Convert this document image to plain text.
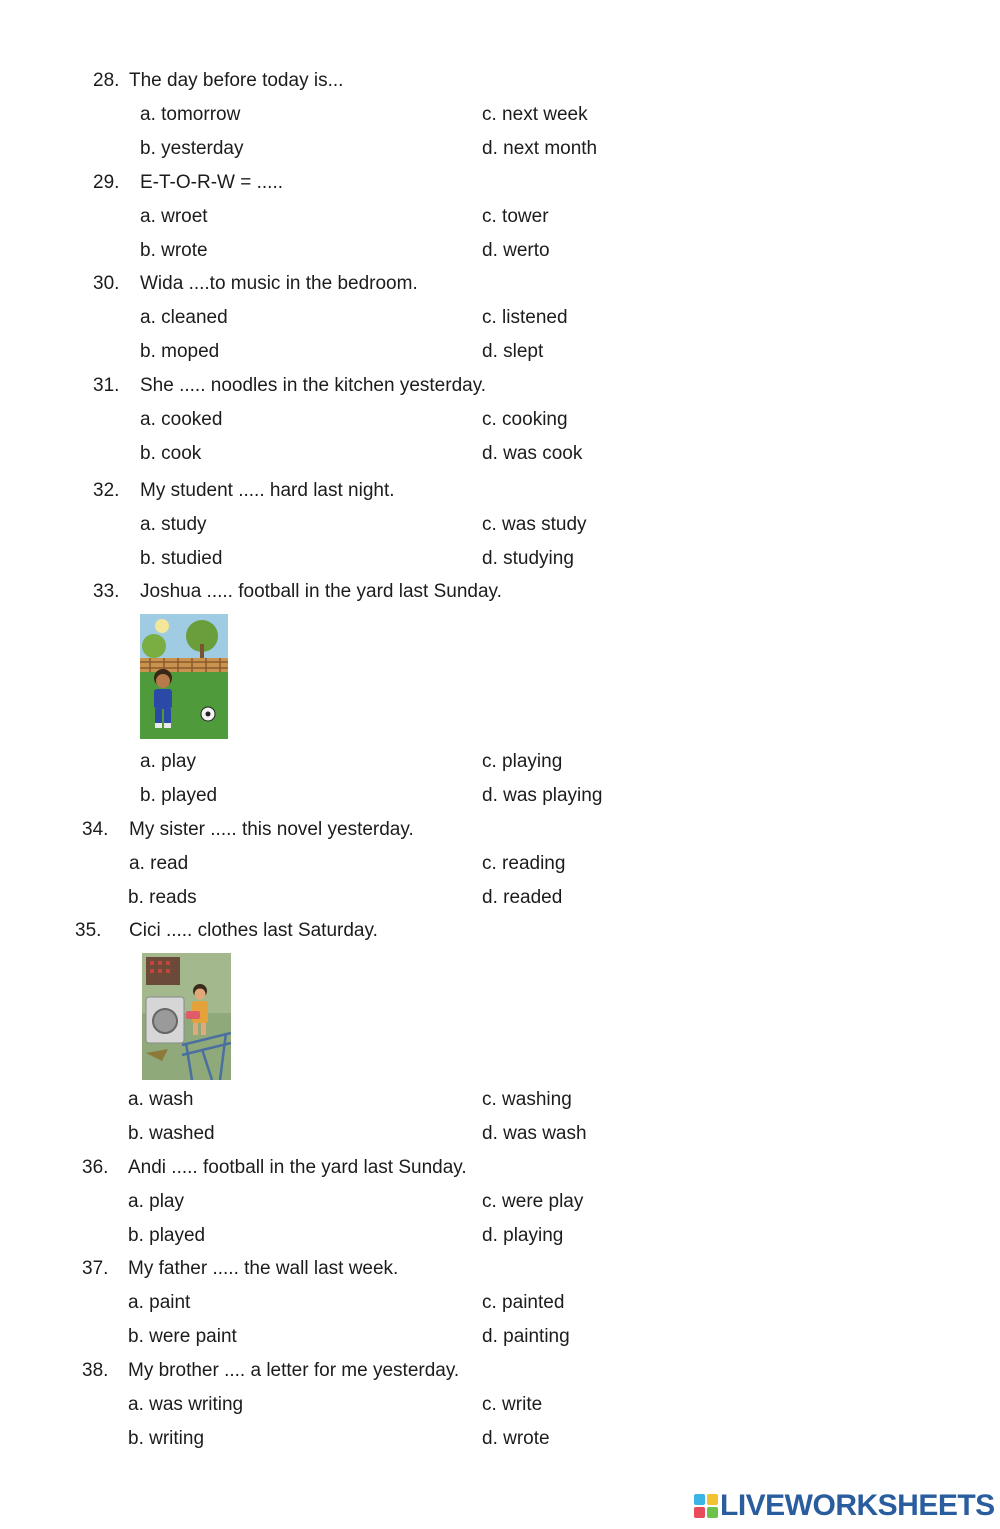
28. The day before today is...
a. tomorrow	c. next week
b. yesterday	d. next month
29. E-T-O-R-W = .....
a. wroet	c. tower
b. wrote	d. werto
30. Wida ....to music in the bedroom.
a. cleaned	c. listened
b. moped	d. slept
31. She ..... noodles in the kitchen yesterday.
a. cooked	c. cooking
b. cook	d. was cook
32. My student ..... hard last night.
a. study	c. was study
b. studied	d. studying
33. Joshua ..... football in the yard last Sunday.
a. play	c. playing
b. played	d. was playing
34. My sister ..... this novel yesterday.
a. read	c. reading
b. reads	d. readed
35. Cici ..... clothes last Saturday.
a. wash	c. washing
b. washed	d. was wash
36. Andi ..... football in the yard last Sunday.
a. play	c. were play
b. played	d. playing
37. My father ..... the wall last week.
a. paint	c. painted
b. were paint	d. painting
38. My brother .... a letter for me yesterday.
a. was writing	c. write
b. writing	d. wrote
LIVEWORKSHEETS
